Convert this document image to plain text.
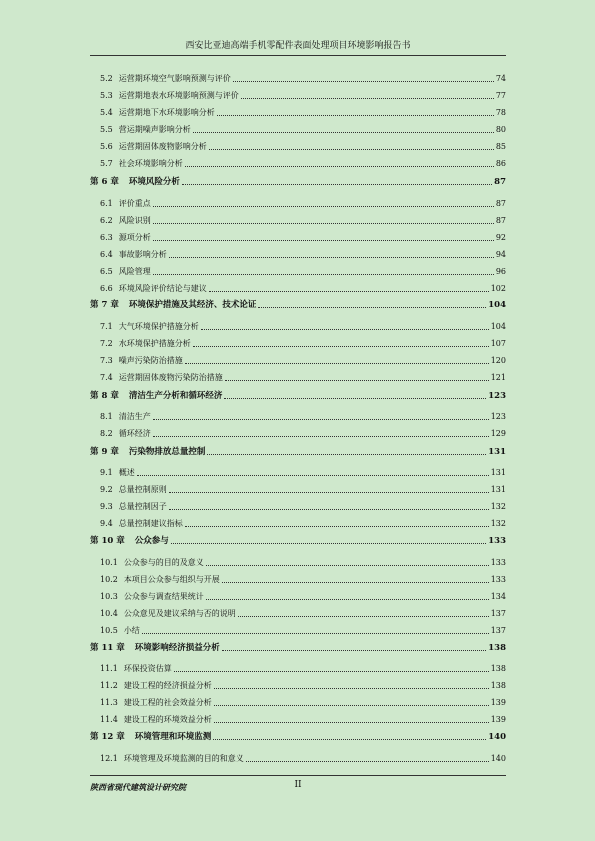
西安比亚迪高端手机零配件表面处理项目环境影响报告书
5.2 运营期环境空气影响预测与评价	74
5.3 运营期地表水环境影响预测与评价	77
5.4 运营期地下水环境影响分析	78
5.5 营运期噪声影响分析	80
5.6 运营期固体废物影响分析	85
5.7 社会环境影响分析	86
第 6 章 环境风险分析	87
6.1 评价重点	87
6.2 风险识别	87
6.3 源项分析	92
6.4 事故影响分析	94
6.5 风险管理	96
6.6 环境风险评价结论与建议	102
第 7 章 环境保护措施及其经济、技术论证	104
7.1 大气环境保护措施分析	104
7.2 水环境保护措施分析	107
7.3 噪声污染防治措施	120
7.4 运营期固体废物污染防治措施	121
第 8 章 清洁生产分析和循环经济	123
8.1 清洁生产	123
8.2 循环经济	129
第 9 章 污染物排放总量控制	131
9.1 概述	131
9.2 总量控制原则	131
9.3 总量控制因子	132
9.4 总量控制建议指标	132
第 10 章 公众参与	133
10.1 公众参与的目的及意义	133
10.2 本项目公众参与组织与开展	133
10.3 公众参与调查结果统计	134
10.4 公众意见及建议采纳与否的说明	137
10.5 小结	137
第 11 章 环境影响经济损益分析	138
11.1 环保投资估算	138
11.2 建设工程的经济损益分析	138
11.3 建设工程的社会效益分析	139
11.4 建设工程的环境效益分析	139
第 12 章 环境管理和环境监测	140
12.1 环境管理及环境监测的目的和意义	140
陕西省现代建筑设计研究院	II
